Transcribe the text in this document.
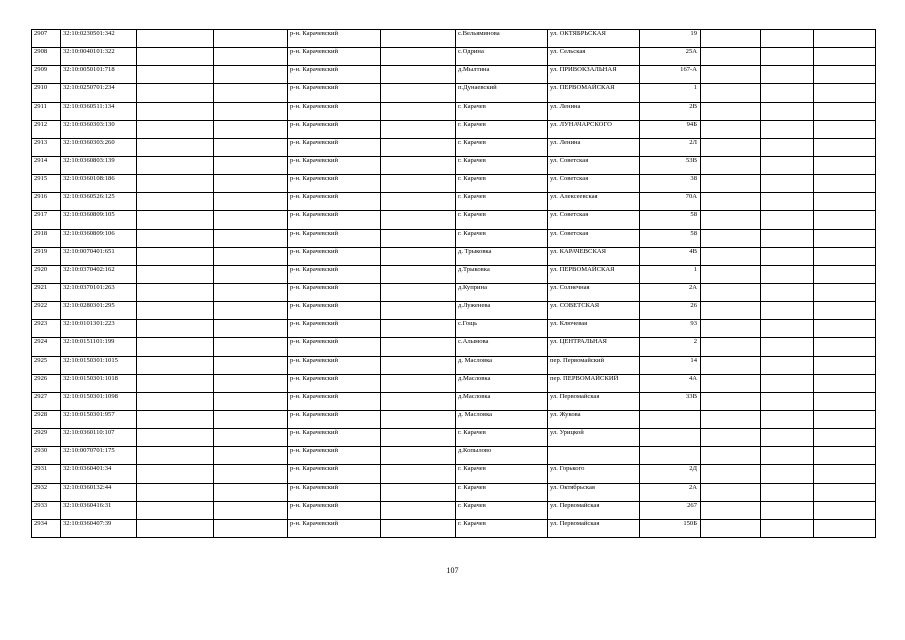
2907	32:10:0230501:342			р-н. Карачевский		с.Вельяминова	ул. ОКТЯБРЬСКАЯ	19			
2908	32:10:0040101:322			р-н. Карачевский		с.Одрина	ул. Сельская	25А			
2909	32:10:0050101:718			р-н. Карачевский		д.Мылтина	ул. ПРИВОКЗАЛЬНАЯ	167-А			
2910	32:10:0250701:234			р-н. Карачевский		п.Дунаевский	ул. ПЕРВОМАЙСКАЯ	1			
2911	32:10:0360511:134			р-н. Карачевский		г. Карачев	ул. Ленина	2В			
2912	32:10:0360303:130			р-н. Карачевский		г. Карачев	ул. ЛУНАЧАРСКОГО	94Б			
2913	32:10:0360303:260			р-н. Карачевский		г. Карачев	ул. Ленина	2Л			
2914	32:10:0360803:139			р-н. Карачевский		г. Карачев	ул. Советская	53В			
2915	32:10:0360108:186			р-н. Карачевский		г. Карачев	ул. Советская	38			
2916	32:10:0360526:125			р-н. Карачевский		г. Карачев	ул. Алексеевская	70А			
2917	32:10:0360809:105			р-н. Карачевский		г. Карачев	ул. Советская	58			
2918	32:10:0360809:106			р-н. Карачевский		г. Карачев	ул. Советская	58			
2919	32:10:0070401:651			р-н. Карачевский		д. Трыковка	ул. КАРАЧЕВСКАЯ	4В			
2920	32:10:0370402:162			р-н. Карачевский		д.Трыковка	ул. ПЕРВОМАЙСКАЯ	1			
2921	32:10:0370101:263			р-н. Карачевский		д.Куприна	ул. Солнечная	2А			
2922	32:10:0280301:295			р-н. Карачевский		д.Луженева	ул. СОВЕТСКАЯ	26			
2923	32:10:0101301:223			р-н. Карачевский		с.Гощь	ул. Ключевая	93			
2924	32:10:0151101:199			р-н. Карачевский		с.Алымова	ул. ЦЕНТРАЛЬНАЯ	2			
2925	32:10:0150301:1015			р-н. Карачевский		д. Масловка	пер. Первомайский	14			
2926	32:10:0150301:1018			р-н. Карачевский		д.Масловка	пер. ПЕРВОМАЙСКИЙ	4А			
2927	32:10:0150301:1098			р-н. Карачевский		д.Масловка	ул. Первомайская	33В			
2928	32:10:0150301:957			р-н. Карачевский		д. Масловка	ул. Жукова				
2929	32:10:0360110:107			р-н. Карачевский		г. Карачев	ул. Урицкой				
2930	32:10:0070701:175			р-н. Карачевский		д.Копылово					
2931	32:10:0360401:34			р-н. Карачевский		г. Карачев	ул. Горького	2Д			
2932	32:10:0360132:44			р-н. Карачевский		г. Карачев	ул. Октябрьская	2А			
2933	32:10:0360416:31			р-н. Карачевский		г. Карачев	ул. Первомайская	267			
2934	32:10:0360407:39			р-н. Карачевский		г. Карачев	ул. Первомайская	150Б			
107
